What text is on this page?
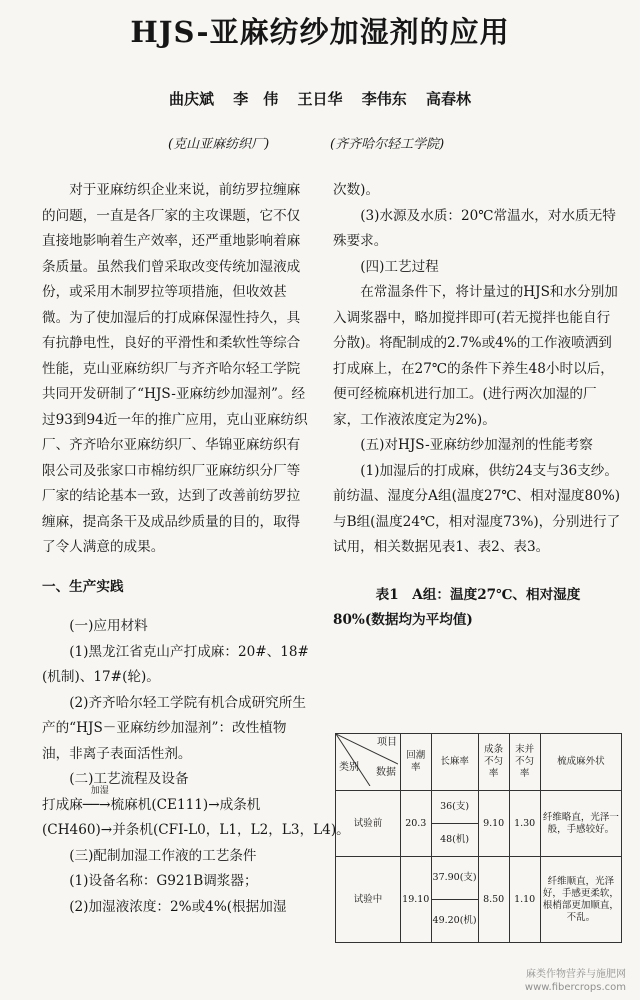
HJS-亚麻纺纱加湿剂的应用
曲庆斌 李　伟 王日华 李伟东 高春林
(克山亚麻纺织厂)	(齐齐哈尔轻工学院)

对于亚麻纺织企业来说，前纺罗拉缠麻的问题，一直是各厂家的主攻课题，它不仅直接地影响着生产效率，还严重地影响着麻条质量。虽然我们曾采取改变传统加湿液成份，或采用木制罗拉等项措施，但收效甚微。为了使加湿后的打成麻保湿性持久，具有抗静电性，良好的平滑性和柔软性等综合性能，克山亚麻纺织厂与齐齐哈尔轻工学院共同开发研制了“HJS-亚麻纺纱加湿剂”。经过93到94近一年的推广应用，克山亚麻纺织厂、齐齐哈尔亚麻纺织厂、华锦亚麻纺织有限公司及张家口市棉纺织厂亚麻纺织分厂等厂家的结论基本一致，达到了改善前纺罗拉缠麻，提高条干及成品纱质量的目的，取得了令人满意的成果。

一、生产实践

(一)应用材料

(1)黑龙江省克山产打成麻：20#、18#(机制)、17#(轮)。

(2)齐齐哈尔轻工学院有机合成研究所生产的“HJS－亚麻纺纱加湿剂”：改性植物油，非离子表面活性剂。

(二)工艺流程及设备

打成麻
加湿
──→梳麻机(CE111)→成条机

(CH460)→并条机(CFI-L0，L1，L2，L3，L4)。

(三)配制加湿工作液的工艺条件

(1)设备名称：G921B调浆器；

(2)加湿液浓度：2%或4%(根据加湿

次数)。

(3)水源及水质：20℃常温水，对水质无特殊要求。

(四)工艺过程

在常温条件下，将计量过的HJS和水分别加入调浆器中，略加搅拌即可(若无搅拌也能自行分散)。将配制成的2.7%或4%的工作液喷洒到打成麻上，在27℃的条件下养生48小时以后，便可经梳麻机进行加工。(进行两次加湿的厂家，工作液浓度定为2%)。

(五)对HJS-亚麻纺纱加湿剂的性能考察

(1)加湿后的打成麻，供纺24支与36支纱。前纺温、湿度分A组(温度27℃、相对湿度80%)与B组(温度24℃，相对湿度73%)，分别进行了试用，相关数据见表1、表2、表3。

表1　A组：温度27℃、相对湿度

80%(数据均为平均值)

项目
数据
类别	回潮率	长麻率	成条不匀率	末并不匀率	梳成麻外状
试验前	20.3	36(支)	9.10	1.30	纤维略直，光泽一般，手感较好。
		48(机)			
试验中	19.10	37.90(支)	8.50	1.10	纤维顺直，光泽好，手感更柔软，根梢部更加顺直，不乱。
		49.20(机)			
麻类作物营养与施肥网
www.fibercrops.com
